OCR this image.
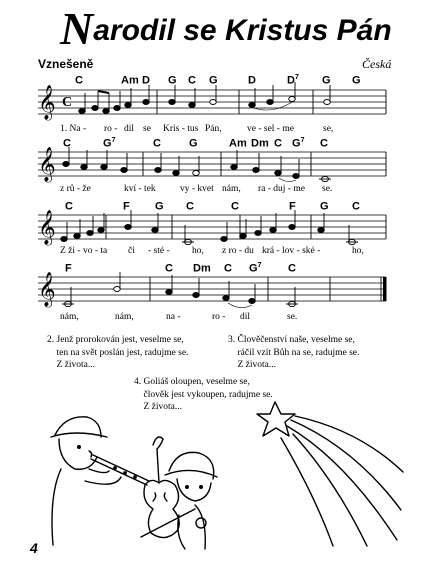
Narodil se Kristus Pán
Vznešeně	Česká
C	Am D G C G	D	$D^7$ G G
1. Na - ro - dil se Kris - tus Pán,	ve - sel - me	se,
C	$G^7$	C	G	Am Dm C $G^7$ C
z rů - že	kví - tek	vy - kvet nám, ra - duj - me se.
C	F G C	C	F G C
Z ži - vo - ta či - sté - ho, z ro - du krá - lov - ské -	ho,
F	C Dm C $G^7$ C
nám,	nám,	na -	ro - dil	se.
𝄞
𝄞
𝄞
𝄞
C
2. Jenž prorokován jest, veselme se,
ten na svět poslán jest, radujme se.
Z života...
3. Člověčenství naše, veselme se,
ráčil vzít Bůh na se, radujme se.
Z života...
4. Goliáš oloupen, veselme se,
člověk jest vykoupen, radujme se.
Z života...
4
